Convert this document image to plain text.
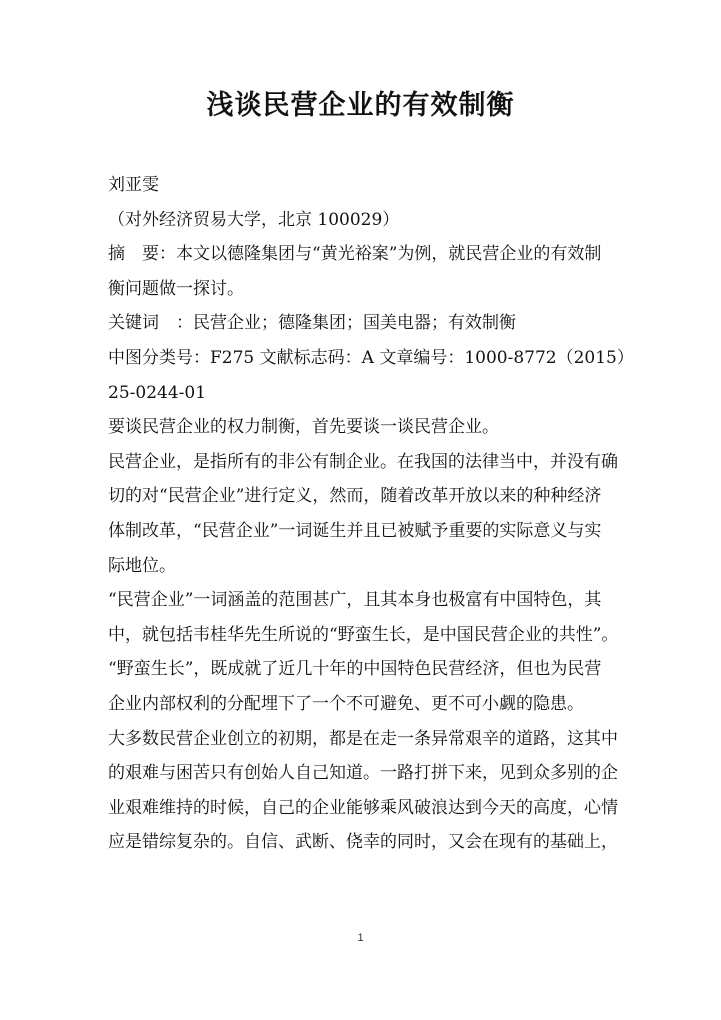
浅谈民营企业的有效制衡
刘亚雯
（对外经济贸易大学，北京 100029）
摘　要：本文以德隆集团与“黄光裕案”为例，就民营企业的有效制
衡问题做一探讨。
关键词　：民营企业；德隆集团；国美电器；有效制衡
中图分类号：F275 文献标志码：A 文章编号：1000-8772（2015）
25-0244-01
要谈民营企业的权力制衡，首先要谈一谈民营企业。
民营企业，是指所有的非公有制企业。在我国的法律当中，并没有确
切的对“民营企业”进行定义，然而，随着改革开放以来的种种经济
体制改革，“民营企业”一词诞生并且已被赋予重要的实际意义与实
际地位。
“民营企业”一词涵盖的范围甚广，且其本身也极富有中国特色，其
中，就包括韦桂华先生所说的“野蛮生长，是中国民营企业的共性”。
“野蛮生长”，既成就了近几十年的中国特色民营经济，但也为民营
企业内部权利的分配埋下了一个不可避免、更不可小觑的隐患。
大多数民营企业创立的初期，都是在走一条异常艰辛的道路，这其中
的艰难与困苦只有创始人自己知道。一路打拼下来，见到众多别的企
业艰难维持的时候，自己的企业能够乘风破浪达到今天的高度，心情
应是错综复杂的。自信、武断、侥幸的同时，又会在现有的基础上，
1
